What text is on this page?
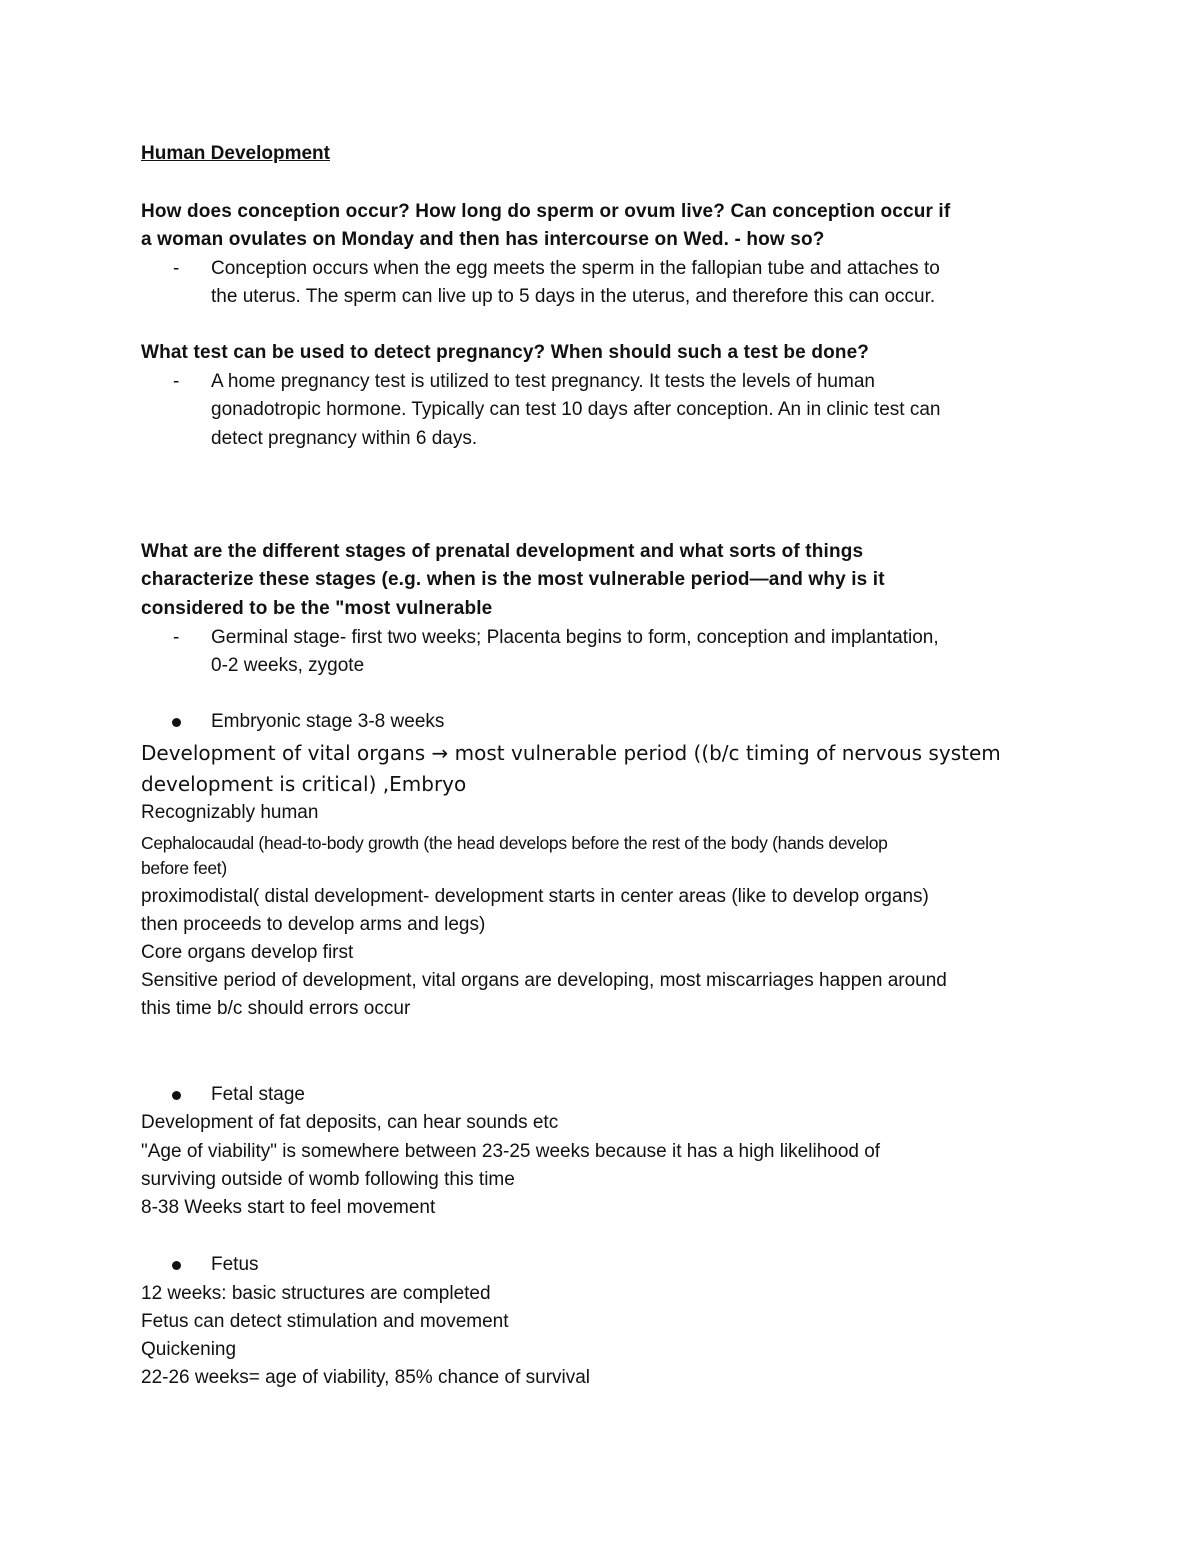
Human Development

How does conception occur? How long do sperm or ovum live? Can conception occur if

a woman ovulates on Monday and then has intercourse on Wed. - how so?

- Conception occurs when the egg meets the sperm in the fallopian tube and attaches to

the uterus. The sperm can live up to 5 days in the uterus, and therefore this can occur.

What test can be used to detect pregnancy? When should such a test be done?

- A home pregnancy test is utilized to test pregnancy. It tests the levels of human

gonadotropic hormone. Typically can test 10 days after conception. An in clinic test can

detect pregnancy within 6 days.

What are the different stages of prenatal development and what sorts of things

characterize these stages (e.g. when is the most vulnerable period—and why is it

considered to be the "most vulnerable

- Germinal stage- first two weeks; Placenta begins to form, conception and implantation,

0-2 weeks, zygote

Embryonic stage 3-8 weeks

Development of vital organs → most vulnerable period ((b/c timing of nervous system

development is critical) ,Embryo

Recognizably human

Cephalocaudal (head-to-body growth (the head develops before the rest of the body (hands develop

before feet)

proximodistal( distal development- development starts in center areas (like to develop organs)

then proceeds to develop arms and legs)

Core organs develop first

Sensitive period of development, vital organs are developing, most miscarriages happen around

this time b/c should errors occur

Fetal stage

Development of fat deposits, can hear sounds etc

"Age of viability" is somewhere between 23-25 weeks because it has a high likelihood of

surviving outside of womb following this time

8-38 Weeks start to feel movement

Fetus

12 weeks: basic structures are completed

Fetus can detect stimulation and movement

Quickening

22-26 weeks= age of viability, 85% chance of survival
